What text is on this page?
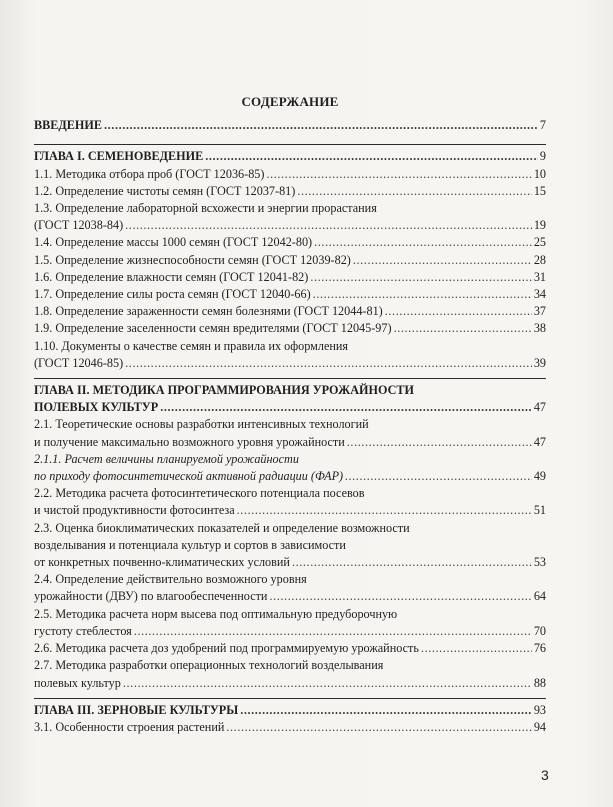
СОДЕРЖАНИЕ
ВВЕДЕНИЕ .....	7
ГЛАВА I. СЕМЕНОВЕДЕНИЕ .....	9
1.1. Методика отбора проб (ГОСТ 12036-85) .....	10
1.2. Определение чистоты семян (ГОСТ 12037-81) .....	15
1.3. Определение лабораторной всхожести и энергии прорастания
(ГОСТ 12038-84) .....	19
1.4. Определение массы 1000 семян (ГОСТ 12042-80) .....	25
1.5. Определение жизнеспособности семян (ГОСТ 12039-82) .....	28
1.6. Определение влажности семян (ГОСТ 12041-82) .....	31
1.7. Определение силы роста семян (ГОСТ 12040-66) .....	34
1.8. Определение зараженности семян болезнями (ГОСТ 12044-81) .....	37
1.9. Определение заселенности семян вредителями (ГОСТ 12045-97) .....	38
1.10. Документы о качестве семян и правила их оформления
(ГОСТ 12046-85) .....	39
ГЛАВА II. МЕТОДИКА ПРОГРАММИРОВАНИЯ УРОЖАЙНОСТИ
ПОЛЕВЫХ КУЛЬТУР .....	47
2.1. Теоретические основы разработки интенсивных технологий
и получение максимально возможного уровня урожайности .....	47
2.1.1. Расчет величины планируемой урожайности
по приходу фотосинтетической активной радиации (ФАР) .....	49
2.2. Методика расчета фотосинтетического потенциала посевов
и чистой продуктивности фотосинтеза .....	51
2.3. Оценка биоклиматических показателей и определение возможности
возделывания и потенциала культур и сортов в зависимости
от конкретных почвенно-климатических условий .....	53
2.4. Определение действительно возможного уровня
урожайности (ДВУ) по влагообеспеченности .....	64
2.5. Методика расчета норм высева под оптимальную предуборочную
густоту стеблестоя .....	70
2.6. Методика расчета доз удобрений под программируемую урожайность .....	76
2.7. Методика разработки операционных технологий возделывания
полевых культур .....	88
ГЛАВА III. ЗЕРНОВЫЕ КУЛЬТУРЫ .....	93
3.1. Особенности строения растений .....	94
3
